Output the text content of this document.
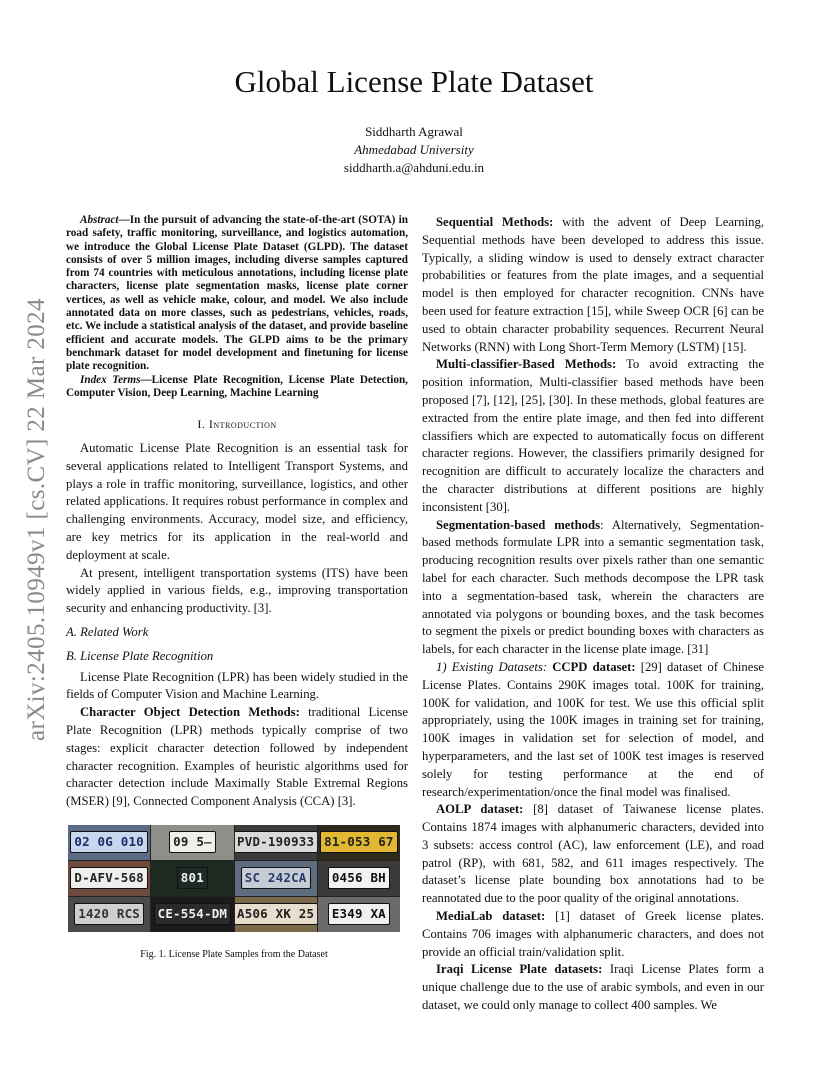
arXiv:2405.10949v1 [cs.CV] 22 Mar 2024
Global License Plate Dataset
Siddharth Agrawal
Ahmedabad University
siddharth.a@ahduni.edu.in

Abstract—In the pursuit of advancing the state-of-the-art (SOTA) in road safety, traffic monitoring, surveillance, and logistics automation, we introduce the Global License Plate Dataset (GLPD). The dataset consists of over 5 million images, including diverse samples captured from 74 countries with meticulous annotations, including license plate characters, license plate segmentation masks, license plate corner vertices, as well as vehicle make, colour, and model. We also include annotated data on more classes, such as pedestrians, vehicles, roads, etc. We include a statistical analysis of the dataset, and provide baseline efficient and accurate models. The GLPD aims to be the primary benchmark dataset for model development and finetuning for license plate recognition.

Index Terms—License Plate Recognition, License Plate Detection, Computer Vision, Deep Learning, Machine Learning

I. Introduction

Automatic License Plate Recognition is an essential task for several applications related to Intelligent Transport Systems, and plays a role in traffic monitoring, surveillance, logistics, and other related applications. It requires robust performance in complex and challenging environments. Accuracy, model size, and efficiency, are key metrics for its application in the real-world and deployment at scale.

At present, intelligent transportation systems (ITS) have been widely applied in various fields, e.g., improving transportation security and enhancing productivity. [3].

A. Related Work

B. License Plate Recognition

License Plate Recognition (LPR) has been widely studied in the fields of Computer Vision and Machine Learning.

Character Object Detection Methods: traditional License Plate Recognition (LPR) methods typically comprise of two stages: explicit character detection followed by independent character recognition. Examples of heuristic algorithms used for character detection include Maximally Stable Extremal Regions (MSER) [9], Connected Component Analysis (CCA) [3].

02 0G 010	09 5̶	PVD-190933 81-053 67
D-AFV-568	801	SC 242CA	0456 BH
1420 RCS	CE-554-DM A506 XK 25	E349 XA
Fig. 1. License Plate Samples from the Dataset

Sequential Methods: with the advent of Deep Learning, Sequential methods have been developed to address this issue. Typically, a sliding window is used to densely extract character probabilities or features from the plate images, and a sequential model is then employed for character recognition. CNNs have been used for feature extraction [15], while Sweep OCR [6] can be used to obtain character probability sequences. Recurrent Neural Networks (RNN) with Long Short-Term Memory (LSTM) [15].

Multi-classifier-Based Methods: To avoid extracting the position information, Multi-classifier based methods have been proposed [7], [12], [25], [30]. In these methods, global features are extracted from the entire plate image, and then fed into different classifiers which are expected to automatically focus on different character regions. However, the classifiers primarily designed for recognition are difficult to accurately localize the characters and the character distributions at different positions are highly inconsistent [30].

Segmentation-based methods: Alternatively, Segmentation-based methods formulate LPR into a semantic segmentation task, producing recognition results over pixels rather than one semantic label for each character. Such methods decompose the LPR task into a segmentation-based task, wherein the characters are annotated via polygons or bounding boxes, and the task becomes to segment the pixels or predict bounding boxes with characters as labels, for each character in the license plate image. [31]

1) Existing Datasets: CCPD dataset: [29] dataset of Chinese License Plates. Contains 290K images total. 100K for training, 100K for validation, and 100K for test. We use this official split appropriately, using the 100K images in training set for training, 100K images in validation set for selection of model, and hyperparameters, and the last set of 100K test images is reserved solely for testing performance at the end of research/experimentation/once the final model was finalised.

AOLP dataset: [8] dataset of Taiwanese license plates. Contains 1874 images with alphanumeric characters, devided into 3 subsets: access control (AC), law enforcement (LE), and road patrol (RP), with 681, 582, and 611 images respectively. The dataset’s license plate bounding box annotations had to be reannotated due to the poor quality of the original annotations.

MediaLab dataset: [1] dataset of Greek license plates. Contains 706 images with alphanumeric characters, and does not provide an official train/validation split.

Iraqi License Plate datasets: Iraqi License Plates form a unique challenge due to the use of arabic symbols, and even in our dataset, we could only manage to collect 400 samples. We
